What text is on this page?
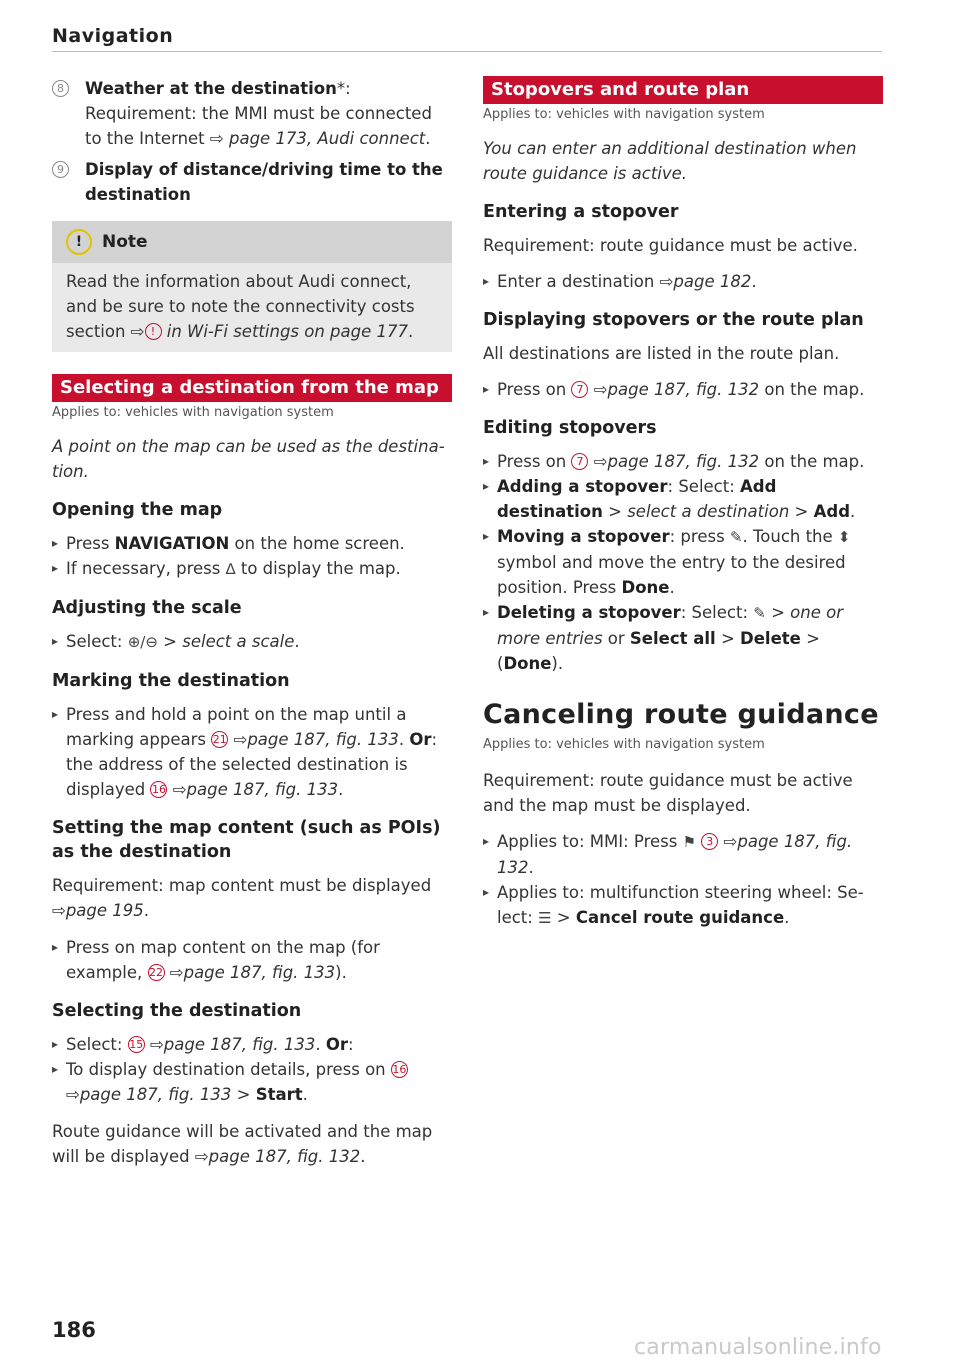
Navigation

8	Weather at the destination*: Requirement: the MMI must be connected to the Internet ⇨ page 173, Audi connect.

9	Display of distance/driving time to the destination

!	Note
Read the information about Audi connect, and be sure to note the connectivity costs section ⇨ ! in Wi-Fi settings on page 177.
Selecting a destination from the map

Applies to: vehicles with navigation system

A point on the map can be used as the destination.

Opening the map

▸ Press NAVIGATION on the home screen.

▸ If necessary, press ∆ to display the map.

Adjusting the scale

▸ Select: ⊕/⊖ > select a scale.

Marking the destination

▸ Press and hold a point on the map until a marking appears 21 ⇨page 187, fig. 133. Or: the address of the selected destination is displayed 16 ⇨page 187, fig. 133.

Setting the map content (such as POIs) as the destination

Requirement: map content must be displayed ⇨page 195.

▸ Press on map content on the map (for example, 22 ⇨page 187, fig. 133).

Selecting the destination

▸ Select: 15 ⇨page 187, fig. 133. Or:

▸ To display destination details, press on 16 ⇨page 187, fig. 133 > Start.

Route guidance will be activated and the map will be displayed ⇨page 187, fig. 132.

Stopovers and route plan

Applies to: vehicles with navigation system

You can enter an additional destination when route guidance is active.

Entering a stopover

Requirement: route guidance must be active.

▸ Enter a destination ⇨page 182.

Displaying stopovers or the route plan

All destinations are listed in the route plan.

▸ Press on 7 ⇨page 187, fig. 132 on the map.

Editing stopovers

▸ Press on 7 ⇨page 187, fig. 132 on the map.

▸ Adding a stopover: Select: Add destination > select a destination > Add.

▸ Moving a stopover: press ✎. Touch the ⬍ symbol and move the entry to the desired position. Press Done.

▸ Deleting a stopover: Select: ✎ > one or more entries or Select all > Delete > (Done).

Canceling route guidance

Applies to: vehicles with navigation system

Requirement: route guidance must be active and the map must be displayed.

▸ Applies to: MMI: Press ⚑ 3 ⇨page 187, fig. 132.

▸ Applies to: multifunction steering wheel: Select: ☰ > Cancel route guidance.

186
carmanualsonline.info
